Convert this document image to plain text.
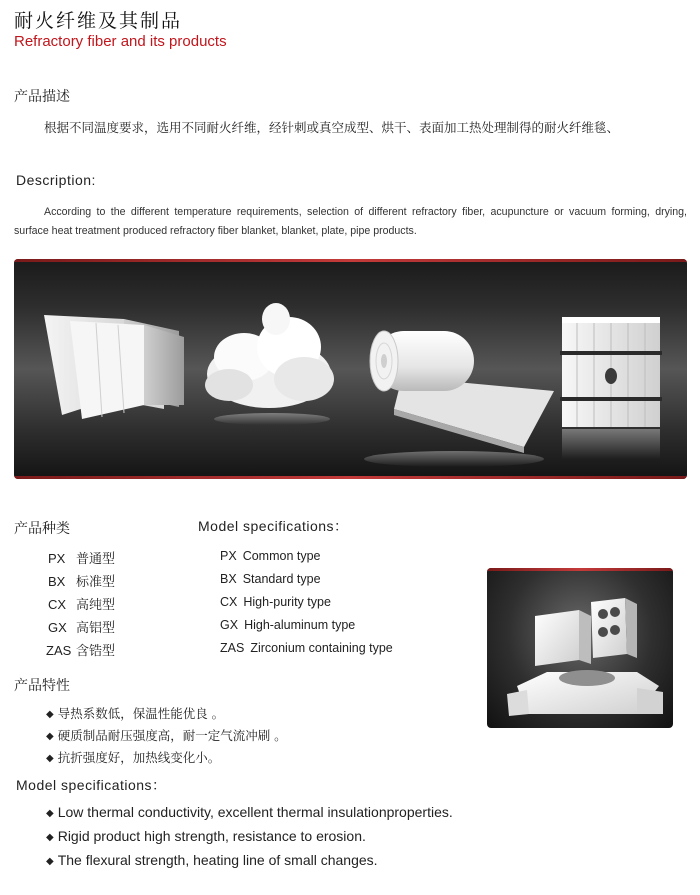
耐火纤维及其制品
Refractory fiber and its products
产品描述
根据不同温度要求，选用不同耐火纤维，经针刺或真空成型、烘干、表面加工热处理制得的耐火纤维毯、
Description:
According to the different temperature requirements, selection of different refractory fiber, acupuncture or vacuum forming, drying, surface heat treatment produced refractory fiber blanket, blanket, plate, pipe products.
产品种类	Model specifications：
PX 普通型
BX 标准型
CX 高纯型
GX 高铝型
ZAS 含锆型
PX Common type
BX Standard type
CX High-purity type
GX High-aluminum type
ZAS Zirconium containing type
产品特性
◆ 导热系数低，保温性能优良 。
◆ 硬质制品耐压强度高，耐一定气流冲刷 。
◆ 抗折强度好，加热线变化小。
Model specifications：
◆ Low thermal conductivity, excellent thermal insulationproperties.
◆ Rigid product high strength, resistance to erosion.
◆ The flexural strength, heating line of small changes.
